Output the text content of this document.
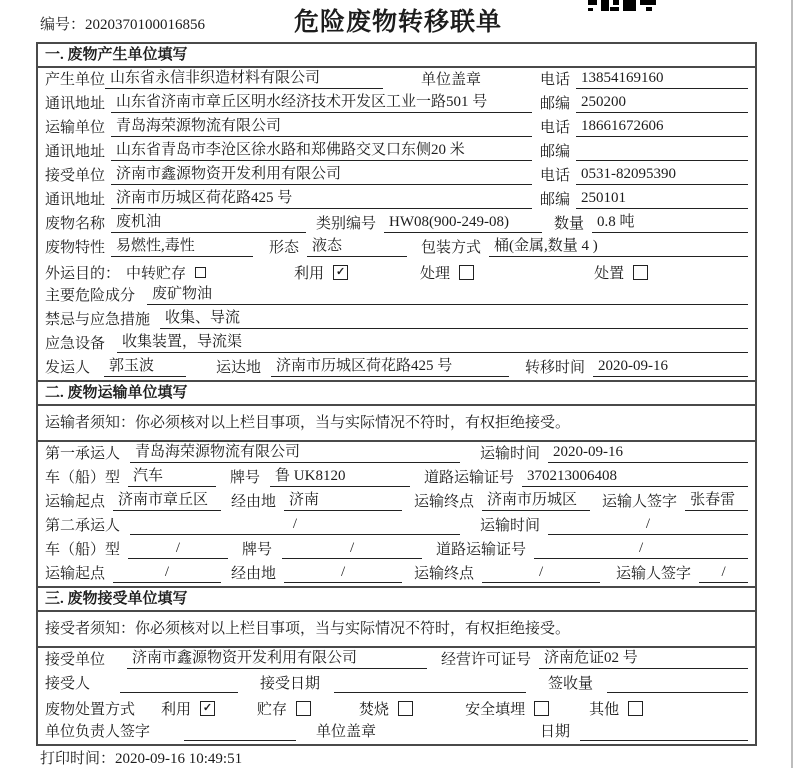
编号：2020370100016856	危险废物转移联单
一. 废物产生单位填写
产生单位 山东省永信非织造材料有限公司	单位盖章	电话 13854169160
通讯地址 山东省济南市章丘区明水经济技术开发区工业一路501 号	邮编 250200
运输单位 青岛海荣源物流有限公司	电话 18661672606
通讯地址 山东省青岛市李沧区徐水路和郑佛路交叉口东侧20 米	邮编
接受单位 济南市鑫源物资开发利用有限公司	电话 0531-82095390
通讯地址 济南市历城区荷花路425 号	邮编 250101
废物名称 废机油	类别编号 HW08(900-249-08)	数量 0.8 吨
废物特性 易燃性,毒性	形态 液态	包装方式 桶(金属,数量 4 )
外运目的： 中转贮存	利用 ✓	处理	处置
主要危险成分	废矿物油
禁忌与应急措施	收集、导流
应急设备	收集装置，导流渠
发运人	郭玉波	运达地	济南市历城区荷花路425 号	转移时间 2020-09-16
二. 废物运输单位填写
运输者须知：你必须核对以上栏目事项，当与实际情况不符时，有权拒绝接受。
第一承运人	青岛海荣源物流有限公司	运输时间 2020-09-16
车（船）型 汽车	牌号	鲁 UK8120	道路运输证号 370213006408
运输起点 济南市章丘区	经由地 济南	运输终点 济南市历城区	运输人签字 张春雷
第二承运人	/	运输时间	/
车（船）型	/	牌号	/	道路运输证号	/
运输起点	/	经由地	/	运输终点	/	运输人签字	/
三. 废物接受单位填写
接受者须知：你必须核对以上栏目事项，当与实际情况不符时，有权拒绝接受。
接受单位	济南市鑫源物资开发利用有限公司	经营许可证号 济南危证02 号
接受人	接受日期	签收量
废物处置方式 利用 ✓	贮存	焚烧	安全填埋	其他
单位负责人签字	单位盖章	日期
打印时间：2020-09-16 10:49:51
